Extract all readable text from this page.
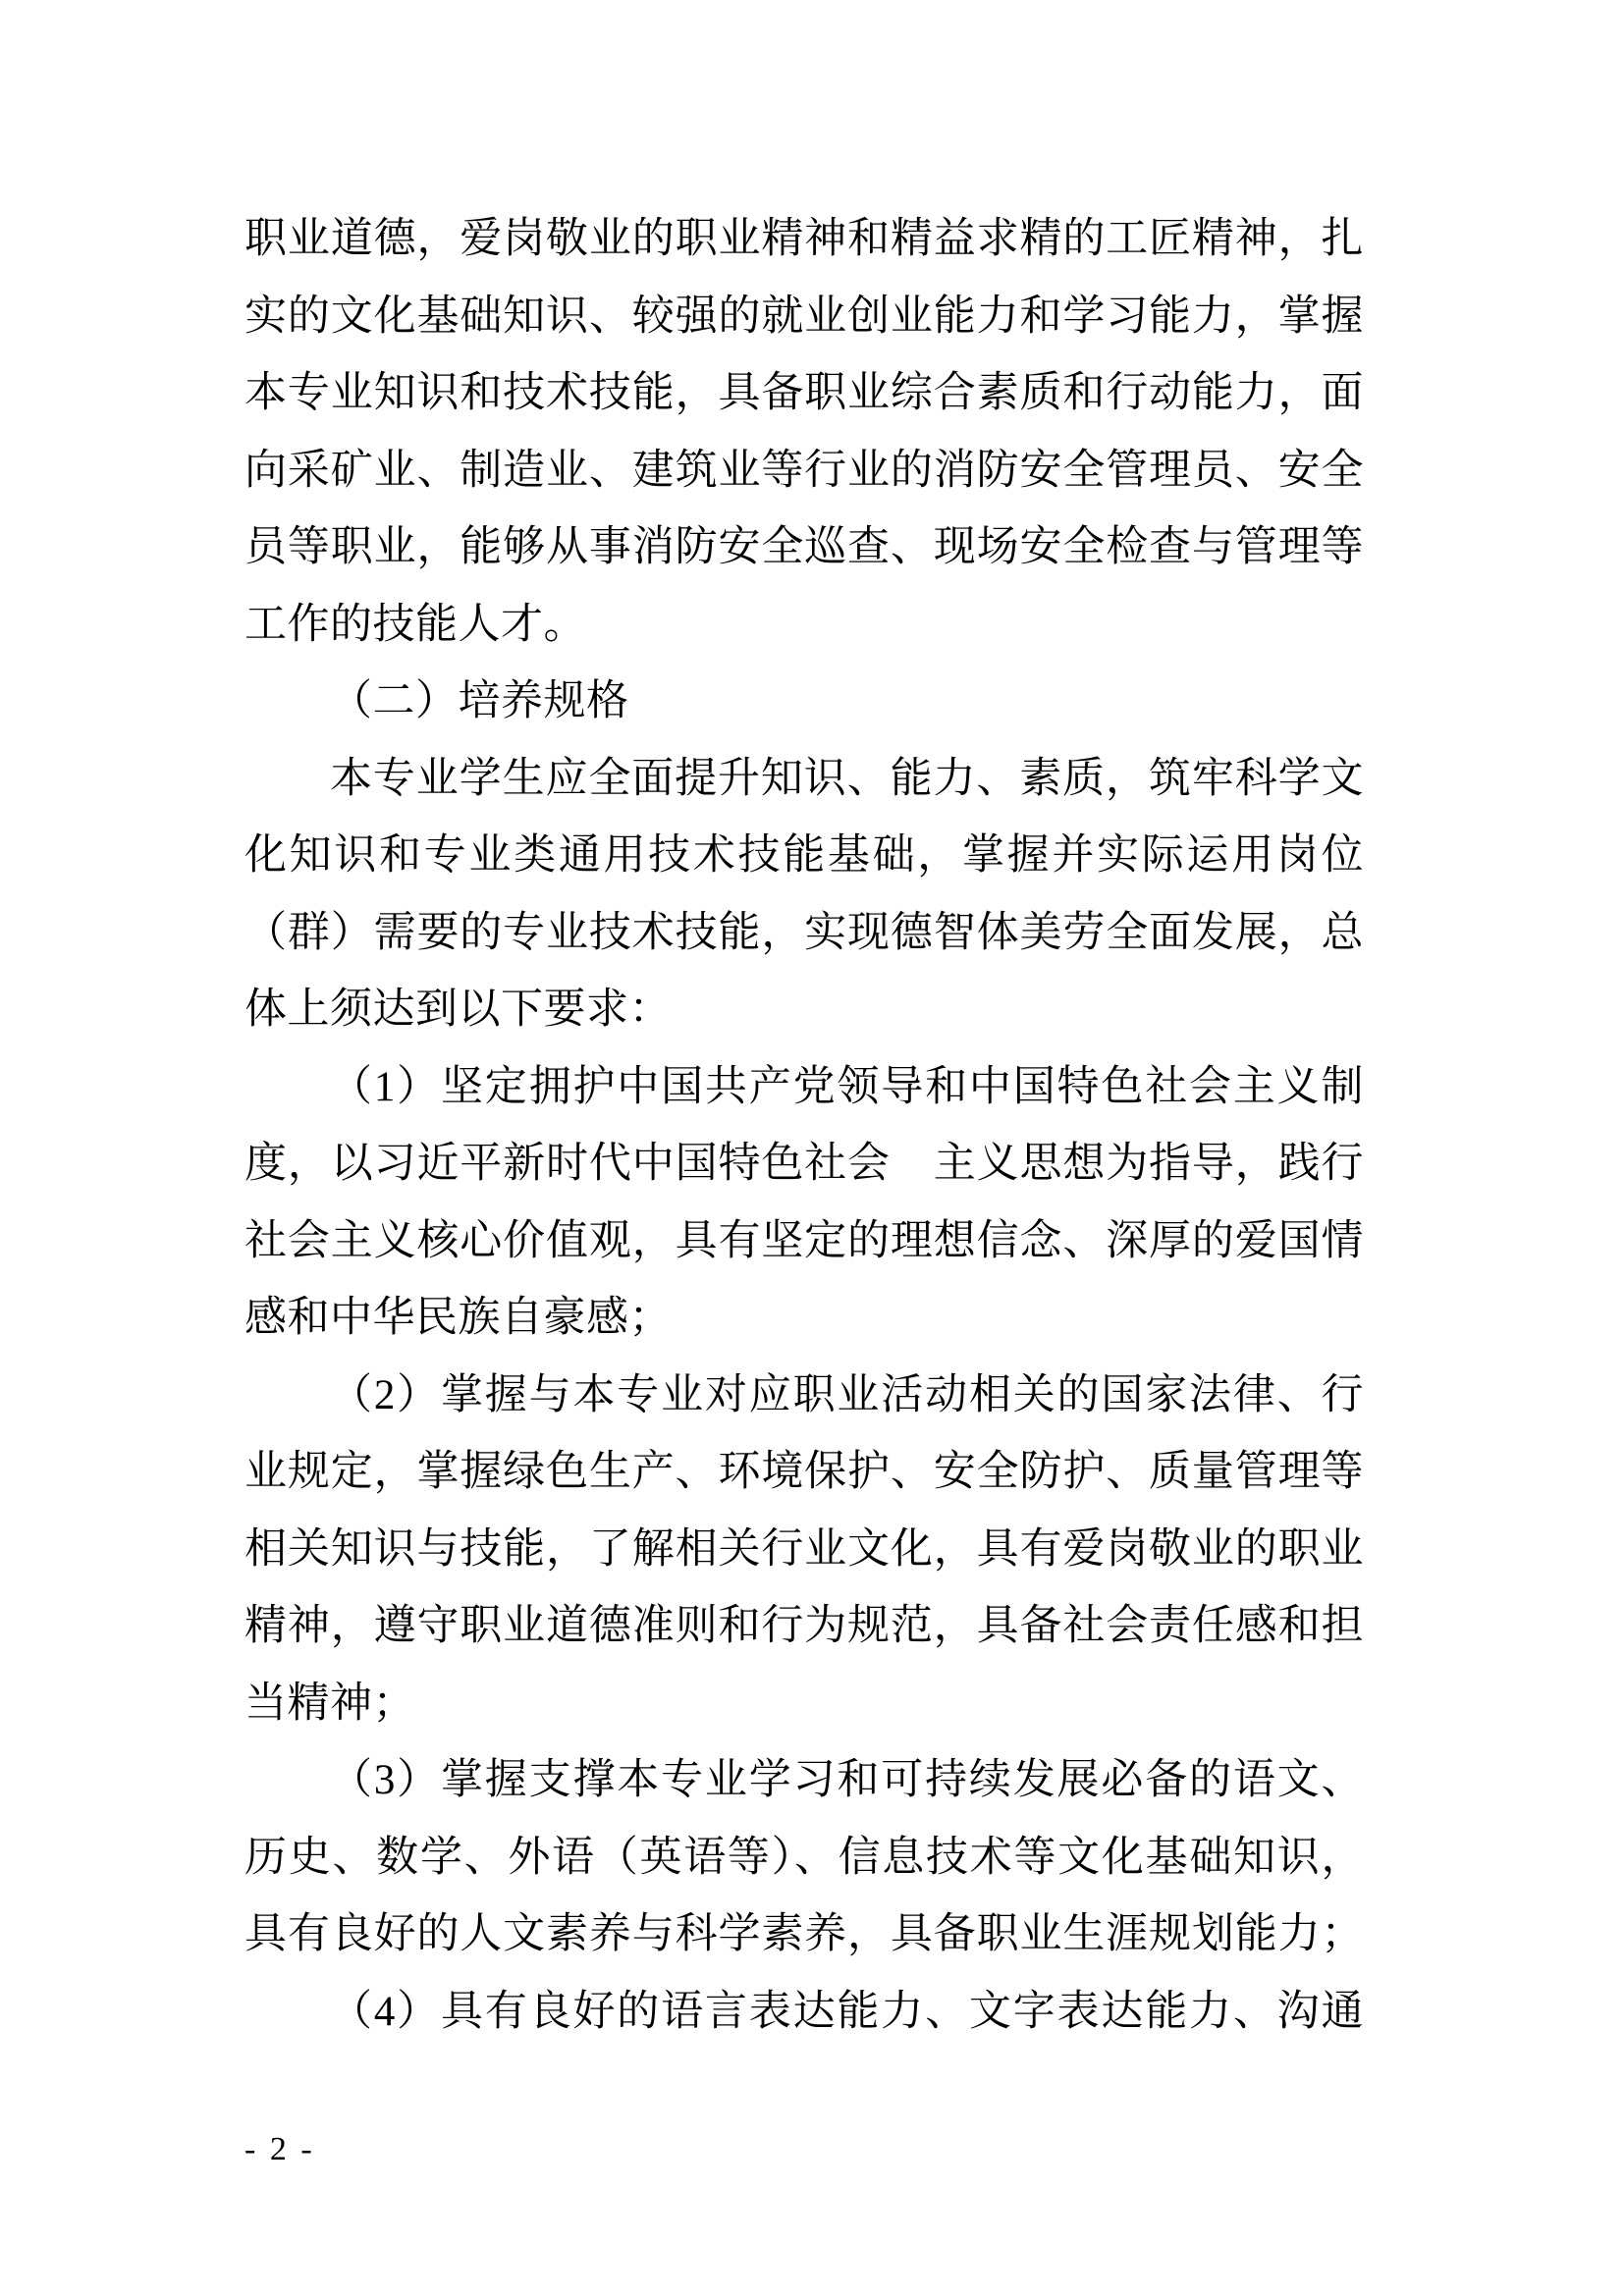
职业道德，爱岗敬业的职业精神和精益求精的工匠精神，扎
实的文化基础知识、较强的就业创业能力和学习能力，掌握
本专业知识和技术技能，具备职业综合素质和行动能力，面
向采矿业、制造业、建筑业等行业的消防安全管理员、安全
员等职业，能够从事消防安全巡查、现场安全检查与管理等
工作的技能人才。
（二）培养规格
本专业学生应全面提升知识、能力、素质，筑牢科学文
化知识和专业类通用技术技能基础，掌握并实际运用岗位
（群）需要的专业技术技能，实现德智体美劳全面发展，总
体上须达到以下要求：
（1）坚定拥护中国共产党领导和中国特色社会主义制
度，以习近平新时代中国特色社会　主义思想为指导，践行
社会主义核心价值观，具有坚定的理想信念、深厚的爱国情
感和中华民族自豪感；
（2）掌握与本专业对应职业活动相关的国家法律、行
业规定，掌握绿色生产、环境保护、安全防护、质量管理等
相关知识与技能，了解相关行业文化，具有爱岗敬业的职业
精神，遵守职业道德准则和行为规范，具备社会责任感和担
当精神；
（3）掌握支撑本专业学习和可持续发展必备的语文、
历史、数学、外语（英语等）、信息技术等文化基础知识，
具有良好的人文素养与科学素养，具备职业生涯规划能力；
（4）具有良好的语言表达能力、文字表达能力、沟通
- 2 -
